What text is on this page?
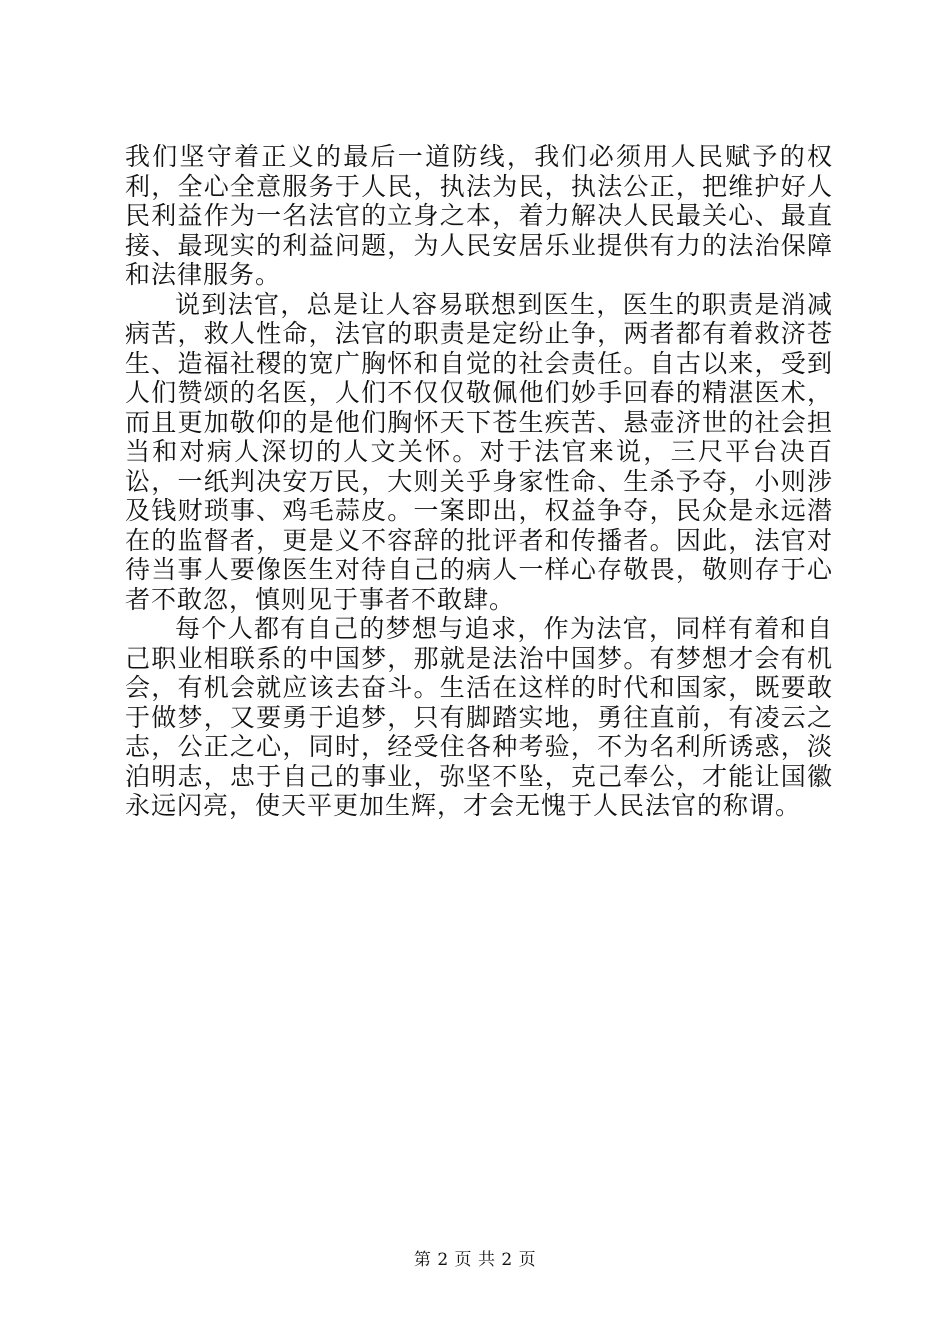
我们坚守着正义的最后一道防线，我们必须用人民赋予的权利，全心全意服务于人民，执法为民，执法公正，把维护好人民利益作为一名法官的立身之本，着力解决人民最关心、最直接、最现实的利益问题，为人民安居乐业提供有力的法治保障和法律服务。

说到法官，总是让人容易联想到医生，医生的职责是消减病苦，救人性命，法官的职责是定纷止争，两者都有着救济苍生、造福社稷的宽广胸怀和自觉的社会责任。自古以来，受到人们赞颂的名医，人们不仅仅敬佩他们妙手回春的精湛医术，而且更加敬仰的是他们胸怀天下苍生疾苦、悬壶济世的社会担当和对病人深切的人文关怀。对于法官来说，三尺平台决百讼，一纸判决安万民，大则关乎身家性命、生杀予夺，小则涉及钱财琐事、鸡毛蒜皮。一案即出，权益争夺，民众是永远潜在的监督者，更是义不容辞的批评者和传播者。因此，法官对待当事人要像医生对待自己的病人一样心存敬畏，敬则存于心者不敢忽，慎则见于事者不敢肆。

每个人都有自己的梦想与追求，作为法官，同样有着和自己职业相联系的中国梦，那就是法治中国梦。有梦想才会有机会，有机会就应该去奋斗。生活在这样的时代和国家，既要敢于做梦，又要勇于追梦，只有脚踏实地，勇往直前，有凌云之志，公正之心，同时，经受住各种考验，不为名利所诱惑，淡泊明志，忠于自己的事业，弥坚不坠，克己奉公，才能让国徽永远闪亮，使天平更加生辉，才会无愧于人民法官的称谓。

第 2 页 共 2 页
